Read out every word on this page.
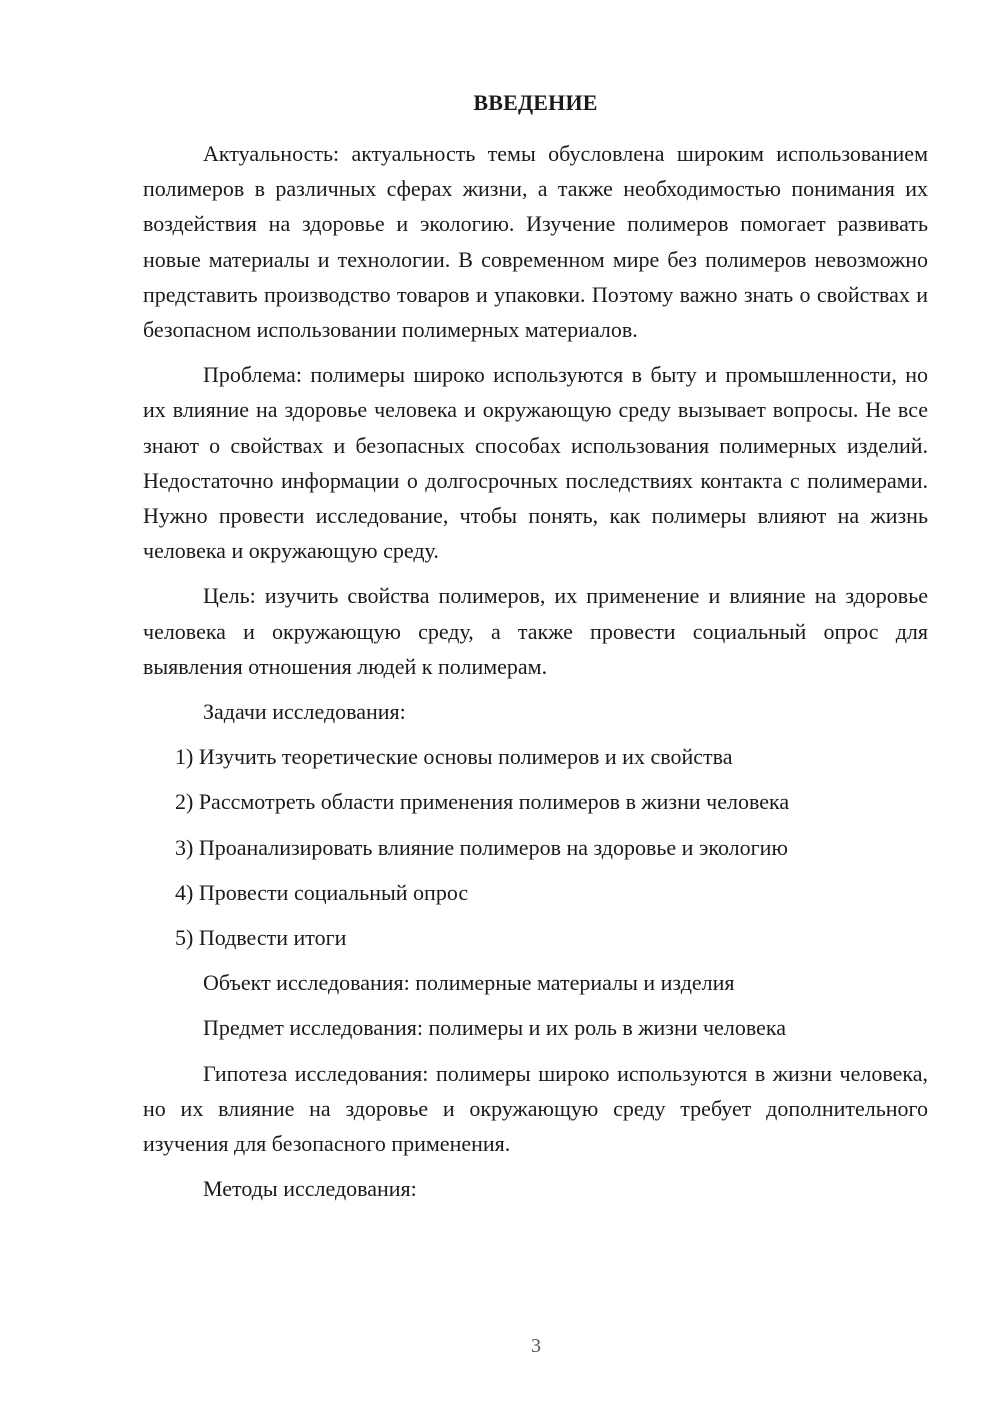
ВВЕДЕНИЕ

Актуальность: актуальность темы обусловлена широким использованием полимеров в различных сферах жизни, а также необходимостью понимания их воздействия на здоровье и экологию. Изучение полимеров помогает развивать новые материалы и технологии. В современном мире без полимеров невозможно представить производство товаров и упаковки. Поэтому важно знать о свойствах и безопасном использовании полимерных материалов.

Проблема: полимеры широко используются в быту и промышленности, но их влияние на здоровье человека и окружающую среду вызывает вопросы. Не все знают о свойствах и безопасных способах использования полимерных изделий. Недостаточно информации о долгосрочных последствиях контакта с полимерами. Нужно провести исследование, чтобы понять, как полимеры влияют на жизнь человека и окружающую среду.

Цель: изучить свойства полимеров, их применение и влияние на здоровье человека и окружающую среду, а также провести социальный опрос для выявления отношения людей к полимерам.

Задачи исследования:

1) Изучить теоретические основы полимеров и их свойства
2) Рассмотреть области применения полимеров в жизни человека
3) Проанализировать влияние полимеров на здоровье и экологию
4) Провести социальный опрос
5) Подвести итоги

Объект исследования: полимерные материалы и изделия

Предмет исследования: полимеры и их роль в жизни человека

Гипотеза исследования: полимеры широко используются в жизни человека, но их влияние на здоровье и окружающую среду требует дополнительного изучения для безопасного применения.

Методы исследования:

3
